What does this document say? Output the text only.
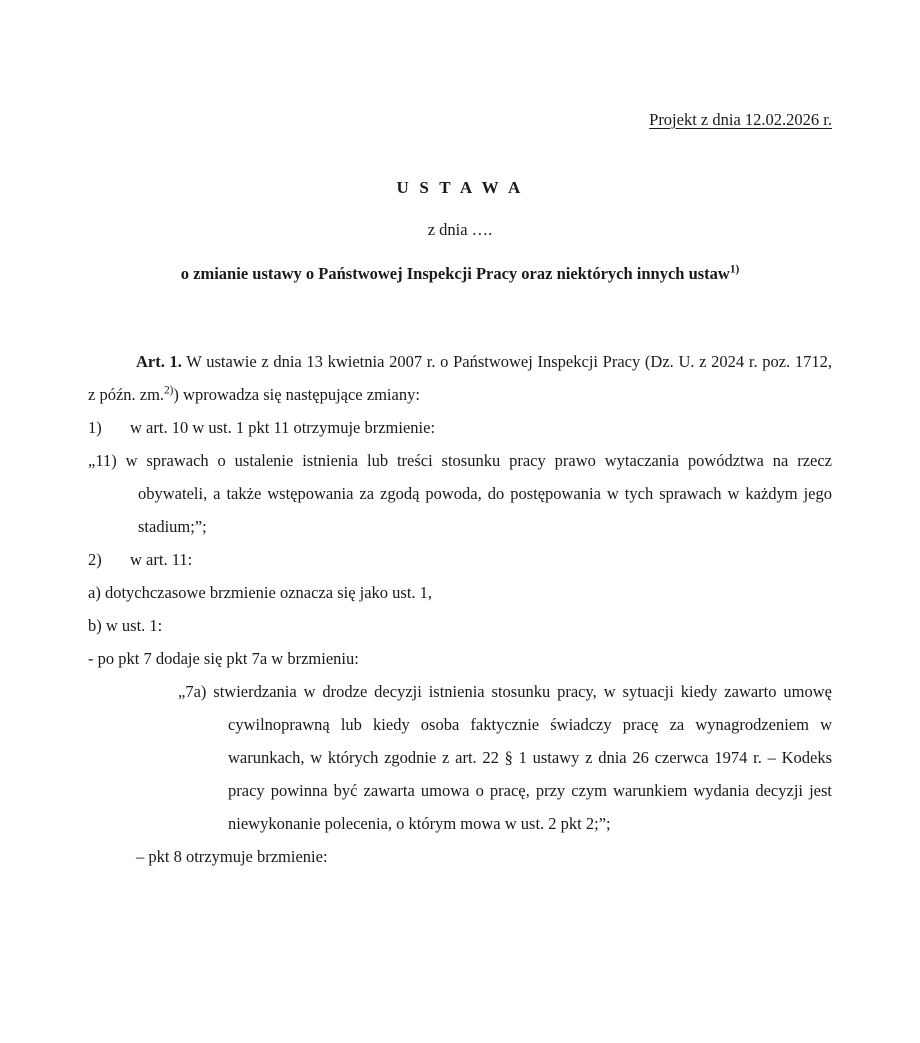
Projekt z dnia 12.02.2026 r.
U S T A W A
z dnia ….
o zmianie ustawy o Państwowej Inspekcji Pracy oraz niektórych innych ustaw$^{1)}$

Art. 1. W ustawie z dnia 13 kwietnia 2007 r. o Państwowej Inspekcji Pracy (Dz. U. z 2024 r. poz. 1712, z późn. zm.$^{2)}$) wprowadza się następujące zmiany:

1)	w art. 10 w ust. 1 pkt 11 otrzymuje brzmienie:

„11) w sprawach o ustalenie istnienia lub treści stosunku pracy prawo wytaczania powództwa na rzecz obywateli, a także wstępowania za zgodą powoda, do postępowania w tych sprawach w każdym jego stadium;”;

2)	w art. 11:

a) dotychczasowe brzmienie oznacza się jako ust. 1,

b) w ust. 1:

- po pkt 7 dodaje się pkt 7a w brzmieniu:

„7a) stwierdzania w drodze decyzji istnienia stosunku pracy, w sytuacji kiedy zawarto umowę cywilnoprawną lub kiedy osoba faktycznie świadczy pracę za wynagrodzeniem w warunkach, w których zgodnie z art. 22 § 1 ustawy z dnia 26 czerwca 1974 r. – Kodeks pracy powinna być zawarta umowa o pracę, przy czym warunkiem wydania decyzji jest niewykonanie polecenia, o którym mowa w ust. 2 pkt 2;”;

– pkt 8 otrzymuje brzmienie:
